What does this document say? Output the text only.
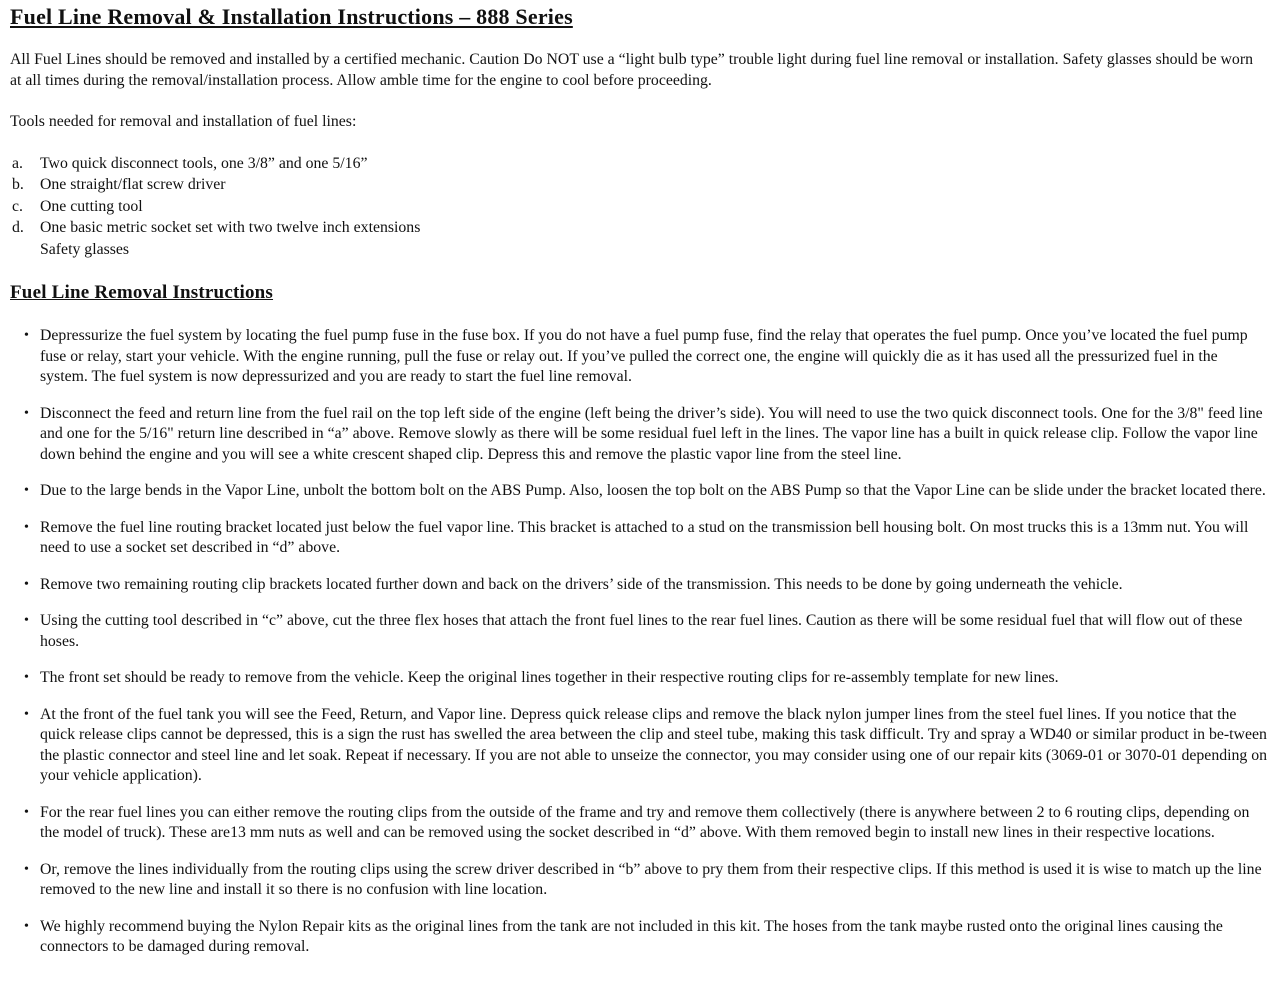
Fuel Line Removal & Installation Instructions – 888 Series

All Fuel Lines should be removed and installed by a certified mechanic. Caution Do NOT use a “light bulb type” trouble light during fuel line removal or installation. Safety glasses should be worn at all times during the removal/installation process. Allow amble time for the engine to cool before proceeding.

Tools needed for removal and installation of fuel lines:

a.	Two quick disconnect tools, one 3/8” and one 5/16”
b.	One straight/flat screw driver
c.	One cutting tool
d.	One basic metric socket set with two twelve inch extensions
Safety glasses
Fuel Line Removal Instructions
• Depressurize the fuel system by locating the fuel pump fuse in the fuse box. If you do not have a fuel pump fuse, find the relay that operates the fuel pump. Once you’ve located the fuel pump fuse or relay, start your vehicle. With the engine running, pull the fuse or relay out. If you’ve pulled the correct one, the engine will quickly die as it has used all the pressurized fuel in the system. The fuel system is now depressurized and you are ready to start the fuel line removal.
• Disconnect the feed and return line from the fuel rail on the top left side of the engine (left being the driver’s side). You will need to use the two quick disconnect tools. One for the 3/8" feed line and one for the 5/16" return line described in “a” above. Remove slowly as there will be some residual fuel left in the lines. The vapor line has a built in quick release clip. Follow the vapor line down behind the engine and you will see a white crescent shaped clip. Depress this and remove the plastic vapor line from the steel line.
• Due to the large bends in the Vapor Line, unbolt the bottom bolt on the ABS Pump. Also, loosen the top bolt on the ABS Pump so that the Vapor Line can be slide under the bracket located there.
• Remove the fuel line routing bracket located just below the fuel vapor line. This bracket is attached to a stud on the transmission bell housing bolt. On most trucks this is a 13mm nut. You will need to use a socket set described in “d” above.
• Remove two remaining routing clip brackets located further down and back on the drivers’ side of the transmission. This needs to be done by going underneath the vehicle.
• Using the cutting tool described in “c” above, cut the three flex hoses that attach the front fuel lines to the rear fuel lines. Caution as there will be some residual fuel that will flow out of these hoses.
• The front set should be ready to remove from the vehicle. Keep the original lines together in their respective routing clips for re-assembly template for new lines.
• At the front of the fuel tank you will see the Feed, Return, and Vapor line. Depress quick release clips and remove the black nylon jumper lines from the steel fuel lines. If you notice that the quick release clips cannot be depressed, this is a sign the rust has swelled the area between the clip and steel tube, making this task difficult. Try and spray a WD40 or similar product in be-tween the plastic connector and steel line and let soak. Repeat if necessary. If you are not able to unseize the connector, you may consider using one of our repair kits (3069-01 or 3070-01 depending on your vehicle application).
• For the rear fuel lines you can either remove the routing clips from the outside of the frame and try and remove them collectively (there is anywhere between 2 to 6 routing clips, depending on the model of truck). These are13 mm nuts as well and can be removed using the socket described in “d” above. With them removed begin to install new lines in their respective locations.
• Or, remove the lines individually from the routing clips using the screw driver described in “b” above to pry them from their respective clips. If this method is used it is wise to match up the line removed to the new line and install it so there is no confusion with line location.
• We highly recommend buying the Nylon Repair kits as the original lines from the tank are not included in this kit. The hoses from the tank maybe rusted onto the original lines causing the connectors to be damaged during removal.
